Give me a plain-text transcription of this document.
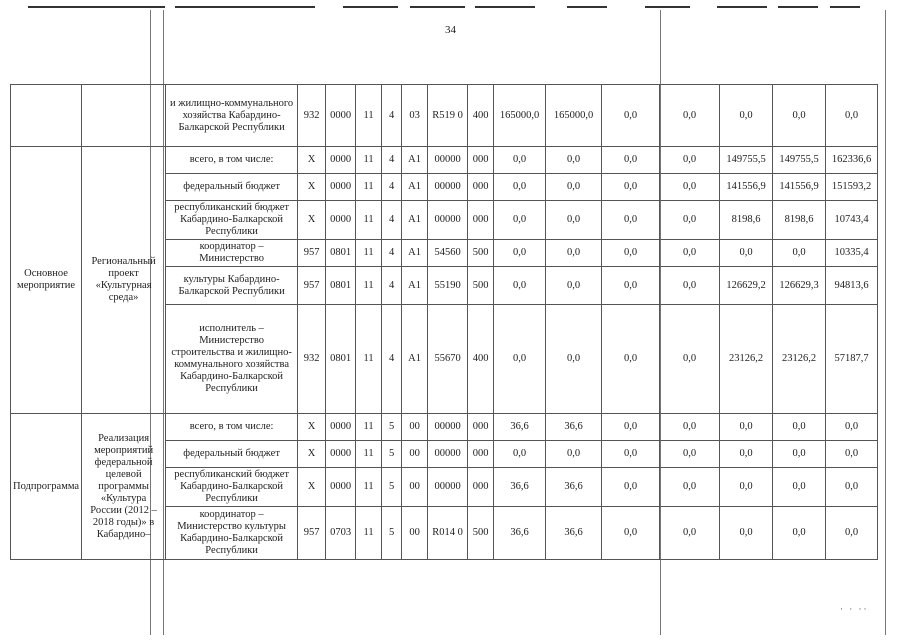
34
		и жилищно-коммунального хозяйства Кабардино-Балкарской Республики	932	0000	11	4	03	R519 0	400	165000,0	165000,0	0,0	0,0	0,0	0,0	0,0
Основное мероприятие	Региональный проект «Культурная среда»	всего, в том числе:	Х	0000	11	4	A1	00000	000	0,0	0,0	0,0	0,0	149755,5	149755,5	162336,6
		федеральный бюджет	Х	0000	11	4	A1	00000	000	0,0	0,0	0,0	0,0	141556,9	141556,9	151593,2
		республиканский бюджет Кабардино-Балкарской Республики	Х	0000	11	4	A1	00000	000	0,0	0,0	0,0	0,0	8198,6	8198,6	10743,4
		координатор – Министерство	957	0801	11	4	A1	54560	500	0,0	0,0	0,0	0,0	0,0	0,0	10335,4
		культуры Кабардино-Балкарской Республики	957	0801	11	4	A1	55190	500	0,0	0,0	0,0	0,0	126629,2	126629,3	94813,6
		исполнитель – Министерство строительства и жилищно-коммунального хозяйства Кабардино-Балкарской Республики	932	0801	11	4	A1	55670	400	0,0	0,0	0,0	0,0	23126,2	23126,2	57187,7
Подпрограмма	Реализация мероприятий федеральной целевой программы «Культура России (2012 – 2018 годы)» в Кабардино–	всего, в том числе:	Х	0000	11	5	00	00000	000	36,6	36,6	0,0	0,0	0,0	0,0	0,0
		федеральный бюджет	Х	0000	11	5	00	00000	000	0,0	0,0	0,0	0,0	0,0	0,0	0,0
		республиканский бюджет Кабардино-Балкарской Республики	Х	0000	11	5	00	00000	000	36,6	36,6	0,0	0,0	0,0	0,0	0,0
		координатор – Министерство культуры Кабардино-Балкарской Республики	957	0703	11	5	00	R014 0	500	36,6	36,6	0,0	0,0	0,0	0,0	0,0
· · ··
